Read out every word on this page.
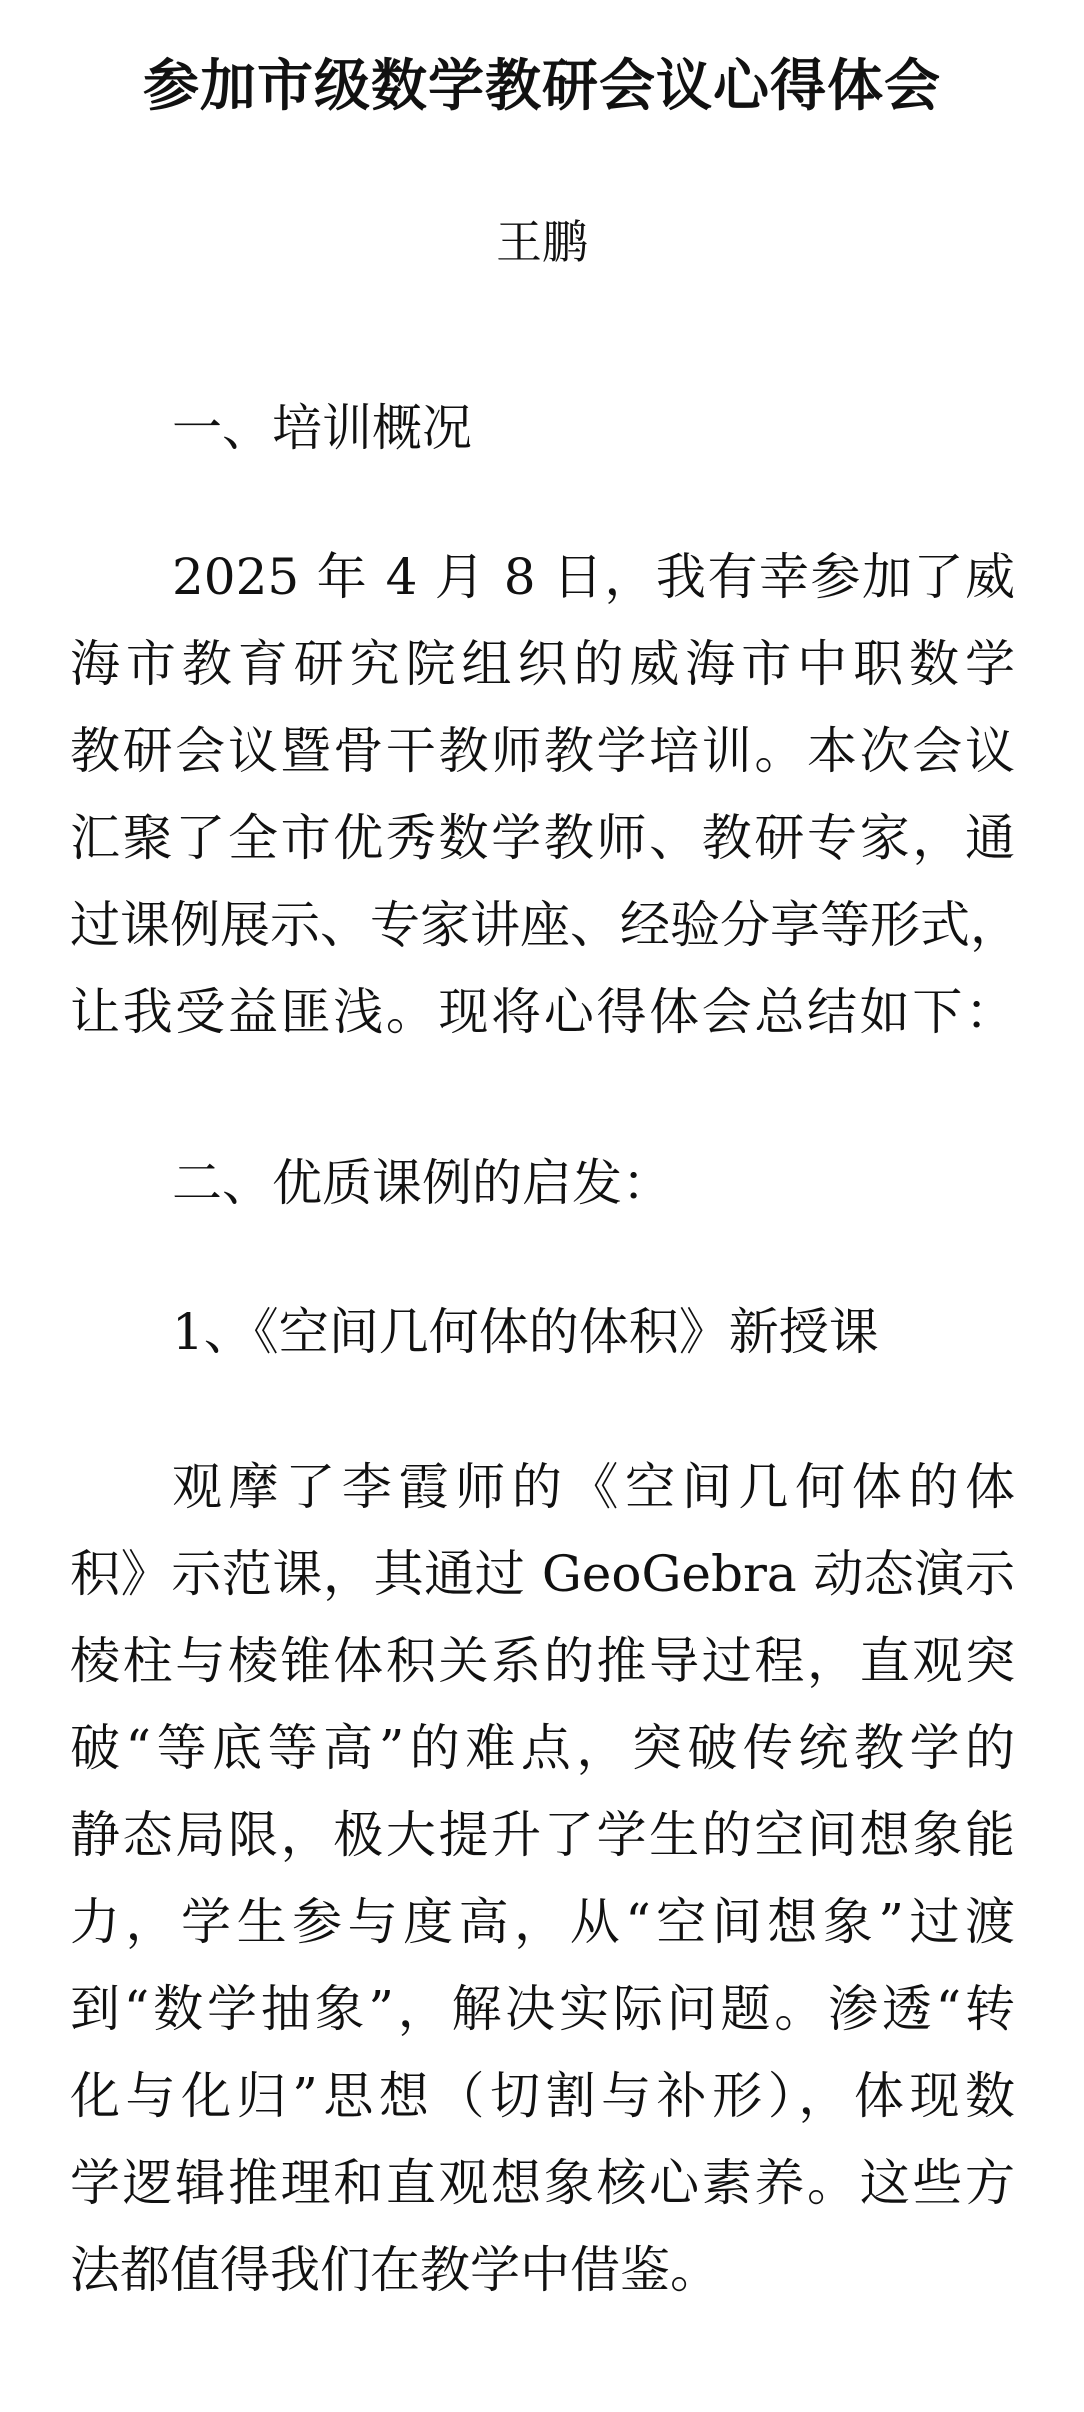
参加市级数学教研会议心得体会
王鹏
一、培训概况
2025 年 4 月 8 日，我有幸参加了威
海市教育研究院组织的威海市中职数学
教研会议暨骨干教师教学培训。本次会议
汇聚了全市优秀数学教师、教研专家，通
过课例展示、专家讲座、经验分享等形式，
让我受益匪浅。现将心得体会总结如下：
二、优质课例的启发：
1、《空间几何体的体积》新授课
观摩了李霞师的《空间几何体的体
积》示范课，其通过 GeoGebra 动态演示
棱柱与棱锥体积关系的推导过程，直观突
破“等底等高”的难点，突破传统教学的
静态局限，极大提升了学生的空间想象能
力，学生参与度高，从“空间想象”过渡
到“数学抽象”，解决实际问题。渗透“转
化与化归”思想（切割与补形），体现数
学逻辑推理和直观想象核心素养。这些方
法都值得我们在教学中借鉴。
